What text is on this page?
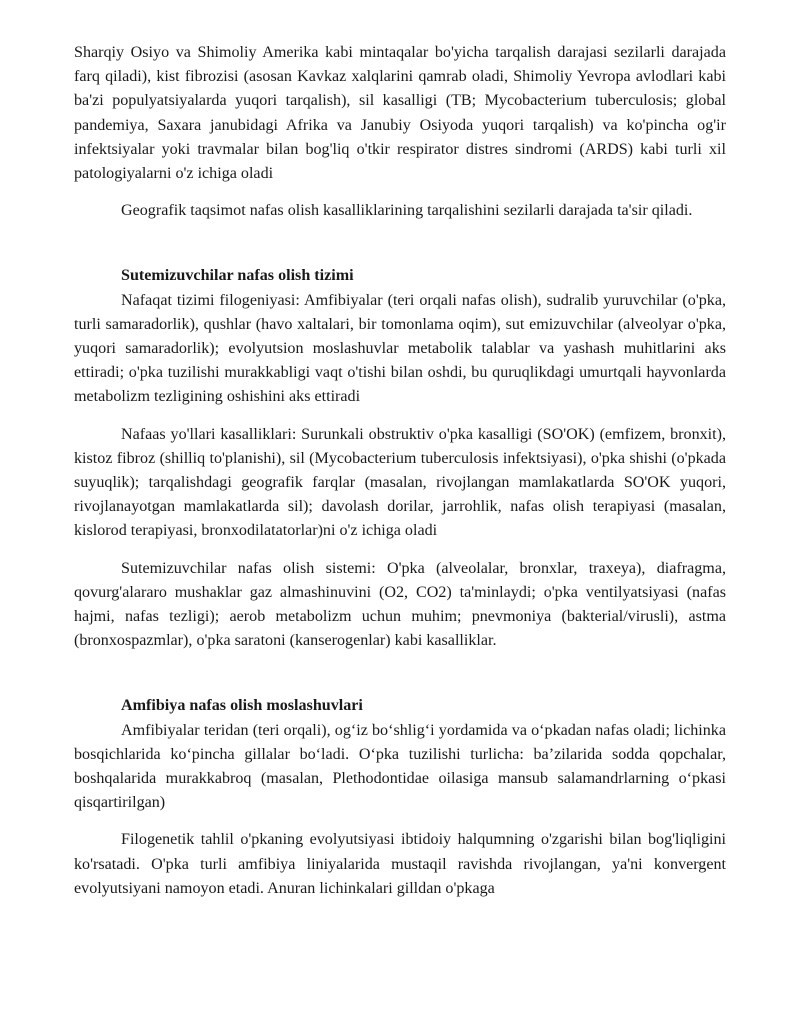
Sharqiy Osiyo va Shimoliy Amerika kabi mintaqalar bo'yicha tarqalish darajasi sezilarli darajada farq qiladi), kist fibrozisi (asosan Kavkaz xalqlarini qamrab oladi, Shimoliy Yevropa avlodlari kabi ba'zi populyatsiyalarda yuqori tarqalish), sil kasalligi (TB; Mycobacterium tuberculosis; global pandemiya, Saxara janubidagi Afrika va Janubiy Osiyoda yuqori tarqalish) va ko'pincha og'ir infektsiyalar yoki travmalar bilan bog'liq o'tkir respirator distres sindromi (ARDS) kabi turli xil patologiyalarni o'z ichiga oladi

Geografik taqsimot nafas olish kasalliklarining tarqalishini sezilarli darajada ta'sir qiladi.

Sutemizuvchilar nafas olish tizimi

Nafaqat tizimi filogeniyasi: Amfibiyalar (teri orqali nafas olish), sudralib yuruvchilar (o'pka, turli samaradorlik), qushlar (havo xaltalari, bir tomonlama oqim), sut emizuvchilar (alveolyar o'pka, yuqori samaradorlik); evolyutsion moslashuvlar metabolik talablar va yashash muhitlarini aks ettiradi; o'pka tuzilishi murakkabligi vaqt o'tishi bilan oshdi, bu quruqlikdagi umurtqali hayvonlarda metabolizm tezligining oshishini aks ettiradi

Nafaas yo'llari kasalliklari: Surunkali obstruktiv o'pka kasalligi (SO'OK) (emfizem, bronxit), kistoz fibroz (shilliq to'planishi), sil (Mycobacterium tuberculosis infektsiyasi), o'pka shishi (o'pkada suyuqlik); tarqalishdagi geografik farqlar (masalan, rivojlangan mamlakatlarda SO'OK yuqori, rivojlanayotgan mamlakatlarda sil); davolash dorilar, jarrohlik, nafas olish terapiyasi (masalan, kislorod terapiyasi, bronxodilatatorlar)ni o'z ichiga oladi

Sutemizuvchilar nafas olish sistemi: O'pka (alveolalar, bronxlar, traxeya), diafragma, qovurg'alararo mushaklar gaz almashinuvini (O2, CO2) ta'minlaydi; o'pka ventilyatsiyasi (nafas hajmi, nafas tezligi); aerob metabolizm uchun muhim; pnevmoniya (bakterial/virusli), astma (bronxospazmlar), o'pka saratoni (kanserogenlar) kabi kasalliklar.

Amfibiya nafas olish moslashuvlari

Amfibiyalar teridan (teri orqali), og‘iz bo‘shlig‘i yordamida va o‘pkadan nafas oladi; lichinka bosqichlarida ko‘pincha gillalar bo‘ladi. O‘pka tuzilishi turlicha: ba’zilarida sodda qopchalar, boshqalarida murakkabroq (masalan, Plethodontidae oilasiga mansub salamandrlarning o‘pkasi qisqartirilgan)

Filogenetik tahlil o'pkaning evolyutsiyasi ibtidoiy halqumning o'zgarishi bilan bog'liqligini ko'rsatadi. O'pka turli amfibiya liniyalarida mustaqil ravishda rivojlangan, ya'ni konvergent evolyutsiyani namoyon etadi. Anuran lichinkalari gilldan o'pkaga
